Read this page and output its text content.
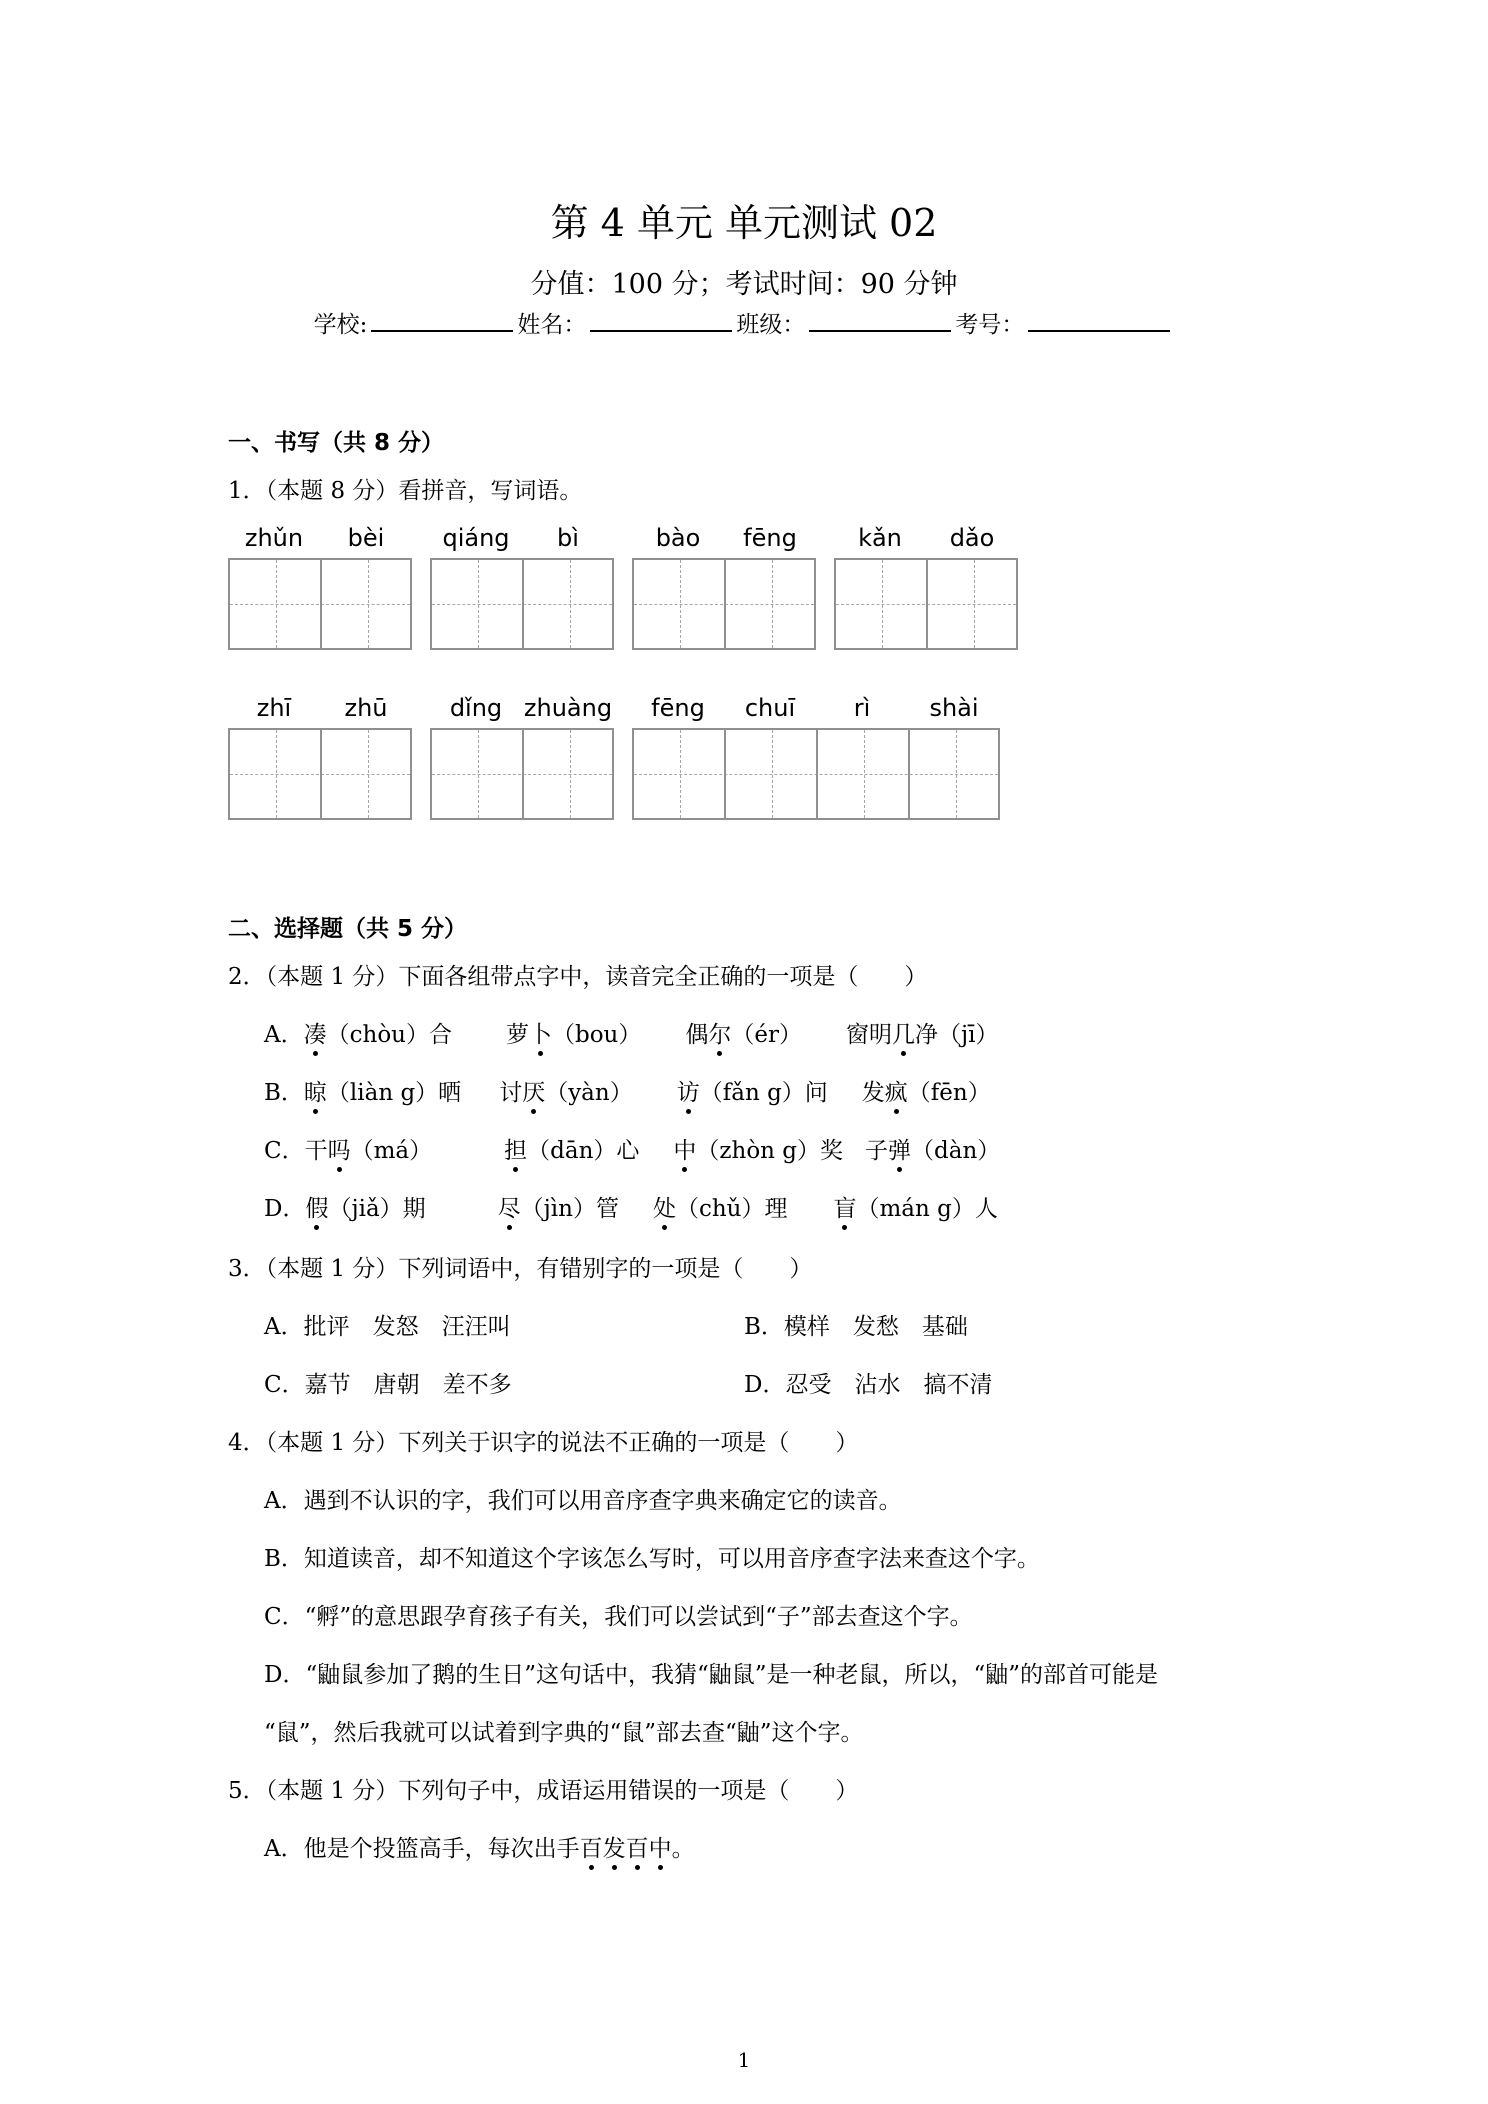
第 4 单元 单元测试 02
分值：100 分；考试时间：90 分钟
学校:	姓名：	班级：	考号：
一、书写（共 8 分）
1．（本题 8 分）看拼音，写词语。
zhǔn	bèi	qiáng	bì	bào	fēng	kǎn	dǎo
zhī	zhū	dǐng zhuàng	fēng	chuī	rì	shài
二、选择题（共 5 分）
2．（本题 1 分）下面各组带点字中，读音完全正确的一项是（　　）
A．凑（chòu）合 萝卜（bou） 偶尔（ér） 窗明几净（jī）
B．晾（liàn g）晒 讨厌（yàn） 访（fǎn g）问 发疯（fēn）
C．干吗（má）	担（dān）心 中（zhòn g）奖 子弹（dàn）
D．假（jiǎ）期	尽（jìn）管 处（chǔ）理 盲（mán g）人
3．（本题 1 分）下列词语中，有错别字的一项是（　　）
A．批评　发怒　汪汪叫	B．模样　发愁　基础
C．嘉节　唐朝　差不多	D．忍受　沾水　搞不清
4．（本题 1 分）下列关于识字的说法不正确的一项是（　　）
A．遇到不认识的字，我们可以用音序查字典来确定它的读音。
B．知道读音，却不知道这个字该怎么写时，可以用音序查字法来查这个字。
C．“孵”的意思跟孕育孩子有关，我们可以尝试到“子”部去查这个字。
D．“鼬鼠参加了鹅的生日”这句话中，我猜“鼬鼠”是一种老鼠，所以，“鼬”的部首可能是
“鼠”，然后我就可以试着到字典的“鼠”部去查“鼬”这个字。
5．（本题 1 分）下列句子中，成语运用错误的一项是（　　）
A．他是个投篮高手，每次出手百发百中。
1
